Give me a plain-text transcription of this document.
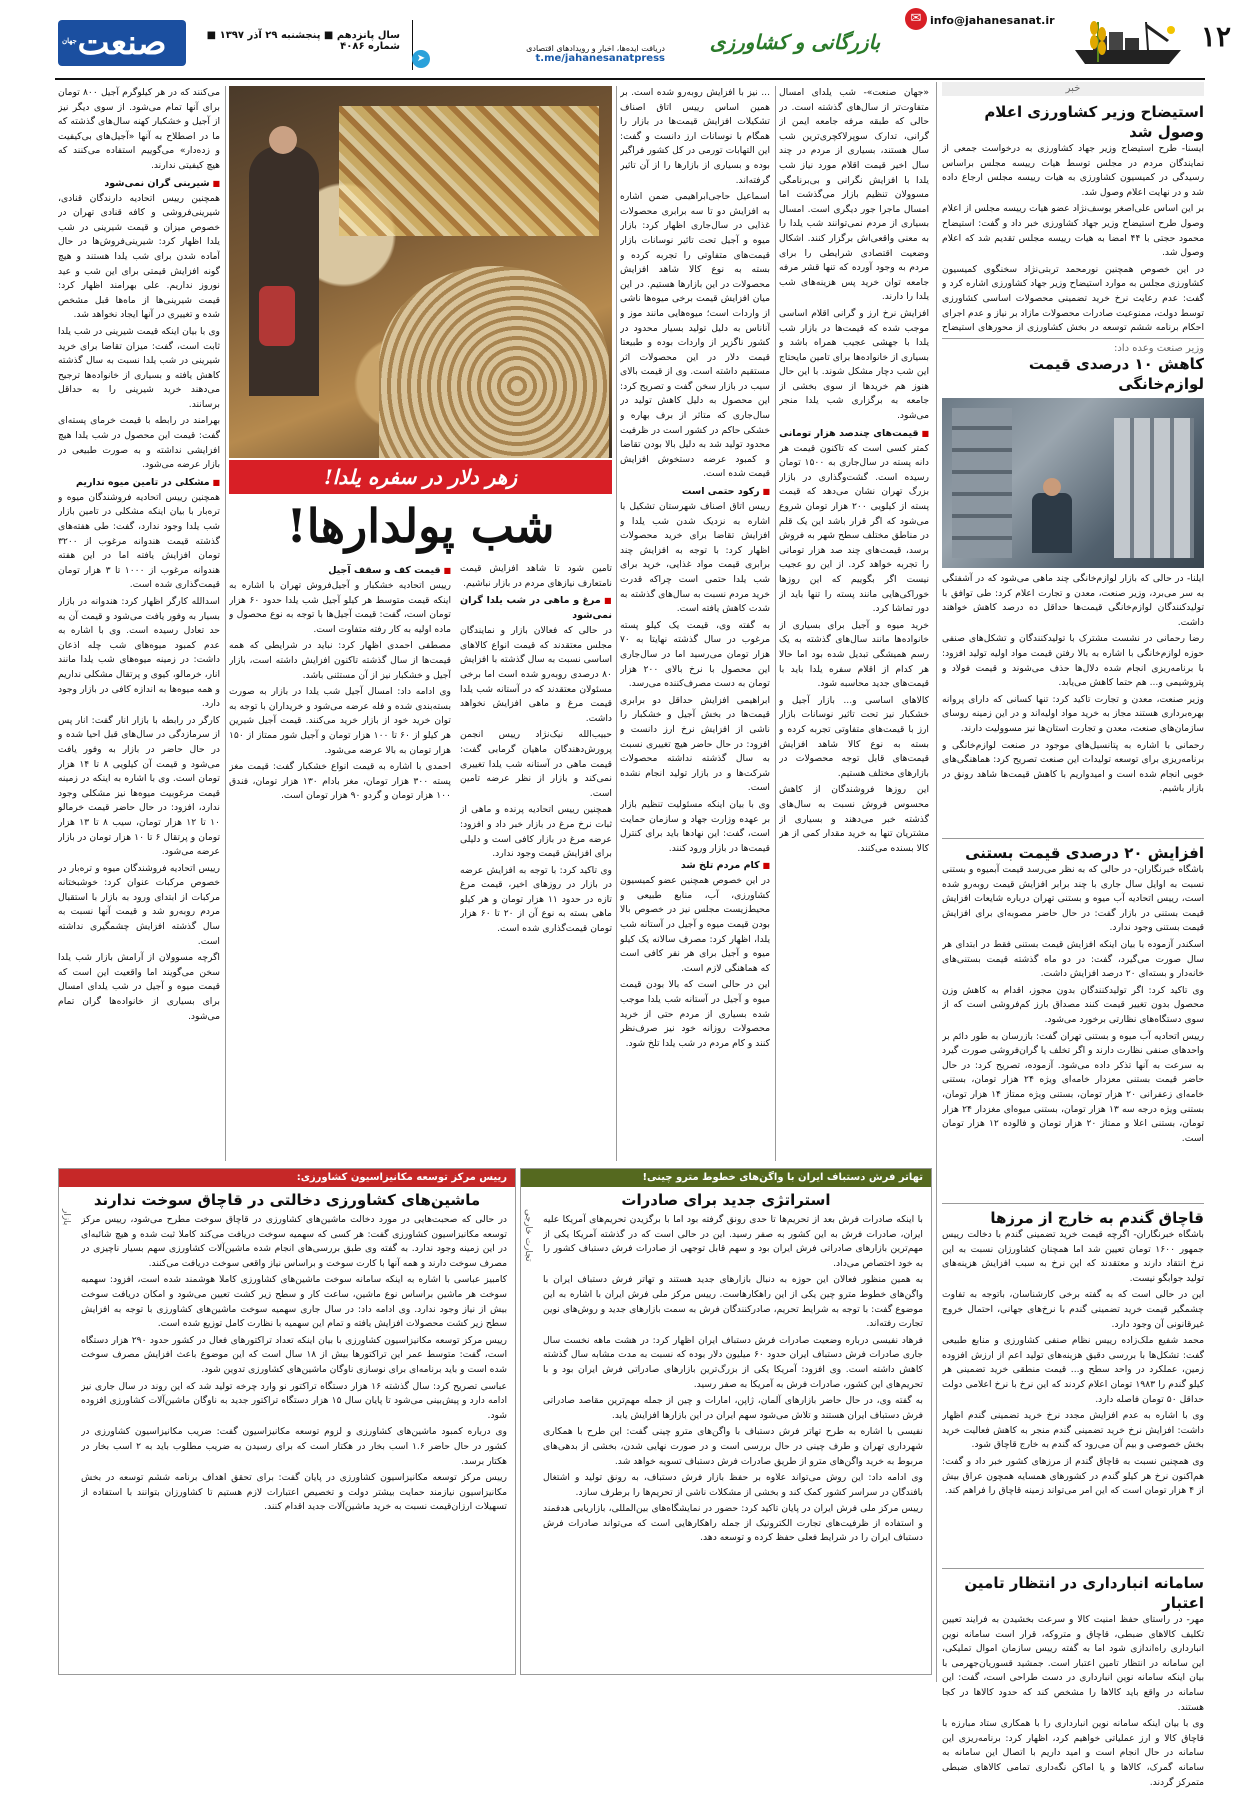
۱۲
info@jahanesanat.ir
✉
بازرگانی و کشاورزی
دریافت ایده‌ها، اخبار و رویدادهای اقتصادی
t.me/jahanesanatpress
➤
سال پانزدهم ■ پنجشنبه ۲۹ آذر ۱۳۹۷ ■ شماره ۴۰۸۶
صنعت
جهان
خبر
استیضاح وزیر کشاورزی اعلام وصول شد

ایسنا- طرح استیضاح وزیر جهاد کشاورزی به درخواست جمعی از نمایندگان مردم در مجلس توسط هیات رییسه مجلس براساس رسیدگی در کمیسیون کشاورزی به هیات رییسه مجلس ارجاع داده شد و در نهایت اعلام وصول شد.

بر این اساس علی‌اصغر یوسف‌نژاد عضو هیات رییسه مجلس از اعلام وصول طرح استیضاح وزیر جهاد کشاورزی خبر داد و گفت: استیضاح محمود حجتی با ۴۴ امضا به هیات رییسه مجلس تقدیم شد که اعلام وصول شد.

در این خصوص همچنین نورمحمد تربتی‌نژاد سخنگوی کمیسیون کشاورزی مجلس به موارد استیضاح وزیر جهاد کشاورزی اشاره کرد و گفت: عدم رعایت نرخ خرید تضمینی محصولات اساسی کشاورزی توسط دولت، ممنوعیت صادرات محصولات مازاد بر نیاز و عدم اجرای احکام برنامه ششم توسعه در بخش کشاورزی از محورهای استیضاح

وزیر صنعت وعده داد:
کاهش ۱۰ درصدی قیمت لوازم‌خانگی

ایلنا- در حالی که بازار لوازم‌خانگی چند ماهی می‌شود که در آشفتگی به سر می‌برد، وزیر صنعت، معدن و تجارت اعلام کرد: طی توافق با تولیدکنندگان لوازم‌خانگی قیمت‌ها حداقل ده درصد کاهش خواهند داشت.

رضا رحمانی در نشست مشترک با تولیدکنندگان و تشکل‌های صنفی حوزه لوازم‌خانگی با اشاره به بالا رفتن قیمت مواد اولیه تولید افزود: با برنامه‌ریزی انجام شده دلال‌ها حذف می‌شوند و قیمت فولاد و پتروشیمی و... هم حتما کاهش می‌یابد.

وزیر صنعت، معدن و تجارت تاکید کرد: تنها کسانی که دارای پروانه بهره‌برداری هستند مجاز به خرید مواد اولیه‌اند و در این زمینه روسای سازمان‌های صنعت، معدن و تجارت استان‌ها نیز مسوولیت دارند.

رحمانی با اشاره به پتانسیل‌های موجود در صنعت لوازم‌خانگی و برنامه‌ریزی برای توسعه تولیدات این صنعت تصریح کرد: هماهنگی‌های خوبی انجام شده است و امیدواریم با کاهش قیمت‌ها شاهد رونق در بازار باشیم.

افزایش ۲۰ درصدی قیمت بستنی

باشگاه خبرنگاران- در حالی که به نظر می‌رسد قیمت آبمیوه و بستنی نسبت به اوایل سال جاری با چند برابر افزایش قیمت روبه‌رو شده است، رییس اتحادیه آب میوه و بستنی تهران درباره شایعات افزایش قیمت بستنی در بازار گفت: در حال حاضر مصوبه‌ای برای افزایش قیمت بستنی وجود ندارد.

اسکندر آزموده با بیان اینکه افزایش قیمت بستنی فقط در ابتدای هر سال صورت می‌گیرد، گفت: در دو ماه گذشته قیمت بستنی‌های خانه‌دار و بسته‌ای ۲۰ درصد افزایش داشت.

وی تاکید کرد: اگر تولیدکنندگان بدون مجوز، اقدام به کاهش وزن محصول بدون تغییر قیمت کنند مصداق بارز کم‌فروشی است که از سوی دستگاه‌های نظارتی برخورد می‌شود.

رییس اتحادیه آب میوه و بستنی تهران گفت: بازرسان به طور دائم بر واحدهای صنفی نظارت دارند و اگر تخلف یا گران‌فروشی صورت گیرد به سرعت به آنها تذکر داده می‌شود. آزموده، تصریح کرد: در حال حاضر قیمت بستنی معزدار خامه‌ای ویژه ۲۴ هزار تومان، بستنی خامه‌ای زعفرانی ۲۰ هزار تومان، بستنی ویژه ممتاز ۱۴ هزار تومان، بستنی ویژه درجه سه ۱۳ هزار تومان، بستنی میوه‌ای مغزدار ۲۴ هزار تومان، بستنی اعلا و ممتاز ۲۰ هزار تومان و فالوده ۱۲ هزار تومان است.

قاچاق گندم به خارج از مرزها

باشگاه خبرنگاران- اگرچه قیمت خرید تضمینی گندم با دخالت رییس جمهور ۱۶۰۰ تومان تعیین شد اما همچنان کشاورزان نسبت به این نرخ انتقاد دارند و معتقدند که این نرخ به سبب افزایش هزینه‌های تولید جوابگو نیست.

این در حالی است که به گفته برخی کارشناسان، باتوجه به تفاوت چشمگیر قیمت خرید تضمینی گندم با نرخ‌های جهانی، احتمال خروج غیرقانونی آن وجود دارد.

محمد شفیع ملک‌زاده رییس نظام صنفی کشاورزی و منابع طبیعی گفت: تشکل‌ها با بررسی دقیق هزینه‌های تولید اعم از ارزش افزوده زمین، عملکرد در واحد سطح و... قیمت منطقی خرید تضمینی هر کیلو گندم را ۱۹۸۳ تومان اعلام کردند که این نرخ با نرخ اعلامی دولت حداقل ۵۰ تومان فاصله دارد.

وی با اشاره به عدم افزایش مجدد نرخ خرید تضمینی گندم اظهار داشت: افزایش نرخ خرید تضمینی گندم منجر به کاهش فعالیت خرید بخش خصوصی و بیم آن می‌رود که گندم به خارج قاچاق شود.

وی همچنین نسبت به قاچاق گندم از مرزهای کشور خبر داد و گفت: هم‌اکنون نرخ هر کیلو گندم در کشورهای همسایه همچون عراق بیش از ۴ هزار تومان است که این امر می‌تواند زمینه قاچاق را فراهم کند.

سامانه انبارداری در انتظار تامین اعتبار

مهر- در راستای حفظ امنیت کالا و سرعت بخشیدن به فرایند تعیین تکلیف کالاهای ضبطی، قاچاق و متروکه، قرار است سامانه نوین انبارداری راه‌اندازی شود اما به گفته رییس سازمان اموال تملیکی، این سامانه در انتظار تامین اعتبار است. جمشید قسوریان‌جهرمی با بیان اینکه سامانه نوین انبارداری در دست طراحی است، گفت: این سامانه در واقع باید کالاها را مشخص کند که حدود کالاها در کجا هستند.

وی با بیان اینکه سامانه نوین انبارداری را با همکاری ستاد مبارزه با قاچاق کالا و ارز عملیاتی خواهیم کرد، اظهار کرد: برنامه‌ریزی این سامانه در حال انجام است و امید داریم با اتصال این سامانه به سامانه گمرک، کالاها و یا اماکن نگه‌داری تمامی کالاهای ضبطی متمرکز گردند.

«جهان صنعت»- شب یلدای امسال متفاوت‌تر از سال‌های گذشته است. در حالی که طبقه مرفه جامعه ایمن از گرانی، تدارک سوپرلاکچری‌ترین شب سال هستند، بسیاری از مردم در چند سال اخیر قیمت اقلام مورد نیاز شب یلدا با افزایش نگرانی و بی‌برنامگی مسوولان تنظیم بازار می‌گذشت اما امسال ماجرا جور دیگری است. امسال بسیاری از مردم نمی‌توانند شب یلدا را به معنی واقعی‌اش برگزار کنند. اشکال وضعیت اقتصادی شرایطی را برای مردم به وجود آورده که تنها قشر مرفه جامعه توان خرید پس هزینه‌های شب یلدا را دارند.

افزایش نرخ ارز و گرانی اقلام اساسی موجب شده که قیمت‌ها در بازار شب یلدا با جهشی عجیب همراه باشد و بسیاری از خانواده‌ها برای تامین مایحتاج این شب دچار مشکل شوند. با این حال هنوز هم خریدها از سوی بخشی از جامعه به برگزاری شب یلدا منجر می‌شود.

■ قیمت‌های چندصد هزار تومانی

کمتر کسی است که تاکنون قیمت هر دانه پسته در سال‌جاری به ۱۵۰۰ تومان رسیده است. گشت‌وگذاری در بازار بزرگ تهران نشان می‌دهد که قیمت پسته از کیلویی ۲۰۰ هزار تومان شروع می‌شود که اگر قرار باشد این یک قلم در مناطق مختلف سطح شهر به فروش برسد، قیمت‌های چند صد هزار تومانی را تجربه خواهد کرد. از این رو عجیب نیست اگر بگوییم که این روزها خوراکی‌هایی مانند پسته را تنها باید از دور تماشا کرد.

خرید میوه و آجیل برای بسیاری از خانواده‌ها مانند سال‌های گذشته به یک رسم همیشگی تبدیل شده بود اما حالا هر کدام از اقلام سفره یلدا باید با قیمت‌های جدید محاسبه شود.

کالاهای اساسی و... بازار آجیل و خشکبار نیز تحت تاثیر نوسانات بازار ارز با قیمت‌های متفاوتی تجربه کرده و بسته به نوع کالا شاهد افزایش قیمت‌های قابل توجه محصولات در بازارهای مختلف هستیم.

این روزها فروشندگان از کاهش محسوس فروش نسبت به سال‌های گذشته خبر می‌دهند و بسیاری از مشتریان تنها به خرید مقدار کمی از هر کالا بسنده می‌کنند.

... نیز با افزایش روبه‌رو شده است. بر همین اساس رییس اتاق اصناف تشکیلات افزایش قیمت‌ها در بازار را همگام با نوسانات ارز دانست و گفت: این التهابات تورمی در کل کشور فراگیر بوده و بسیاری از بازارها را از آن تاثیر گرفته‌اند.

اسماعیل حاجی‌ابراهیمی ضمن اشاره به افزایش دو تا سه برابری محصولات غذایی در سال‌جاری اظهار کرد: بازار میوه و آجیل تحت تاثیر نوسانات بازار قیمت‌های متفاوتی را تجربه کرده و بسته به نوع کالا شاهد افزایش محصولات در این بازارها هستیم. در این میان افزایش قیمت برخی میوه‌ها ناشی از واردات است؛ میوه‌هایی مانند موز و آناناس به دلیل تولید بسیار محدود در کشور ناگزیر از واردات بوده و طبیعتا قیمت دلار در این محصولات اثر مستقیم داشته است. وی از قیمت بالای سیب در بازار سخن گفت و تصریح کرد: این محصول به دلیل کاهش تولید در سال‌جاری که متاثر از برف بهاره و خشکی حاکم در کشور است در ظرفیت محدود تولید شد به دلیل بالا بودن تقاضا و کمبود عرضه دستخوش افزایش قیمت شده است.

■ رکود حتمی است

رییس اتاق اصناف شهرستان تشکیل با اشاره به نزدیک شدن شب یلدا و افزایش تقاضا برای خرید محصولات اظهار کرد: با توجه به افزایش چند برابری قیمت مواد غذایی، خرید برای شب یلدا حتمی است چراکه قدرت خرید مردم نسبت به سال‌های گذشته به شدت کاهش یافته است.

به گفته وی، قیمت یک کیلو پسته مرغوب در سال گذشته نهایتا به ۷۰ هزار تومان می‌رسید اما در سال‌جاری این محصول با نرخ بالای ۲۰۰ هزار تومان به دست مصرف‌کننده می‌رسد.

ابراهیمی افزایش حداقل دو برابری قیمت‌ها در بخش آجیل و خشکبار را ناشی از افزایش نرخ ارز دانست و افزود: در حال حاضر هیچ تغییری نسبت به سال گذشته نداشته محصولات شرکت‌ها و در بازار تولید انجام نشده است.

وی با بیان اینکه مسئولیت تنظیم بازار بر عهده وزارت جهاد و سازمان حمایت است، گفت: این نهادها باید برای کنترل قیمت‌ها در بازار ورود کنند.

■ کام مردم تلخ شد

در این خصوص همچنین عضو کمیسیون کشاورزی، آب، منابع طبیعی و محیط‌زیست مجلس نیز در خصوص بالا بودن قیمت میوه و آجیل در آستانه شب یلدا، اظهار کرد: مصرف سالانه یک کیلو میوه و آجیل برای هر نفر کافی است که هماهنگی لازم است.

این در حالی است که بالا بودن قیمت میوه و آجیل در آستانه شب یلدا موجب شده بسیاری از مردم حتی از خرید محصولات روزانه خود نیز صرف‌نظر کنند و کام مردم در شب یلدا تلخ شود.

زهر دلار در سفره یلدا!
شب پولدارها!

تامین شود تا شاهد افزایش قیمت نامتعارف نیازهای مردم در بازار نباشیم.

■ مرغ و ماهی در شب یلدا گران نمی‌شود

در حالی که فعالان بازار و نمایندگان مجلس معتقدند که قیمت انواع کالاهای اساسی نسبت به سال گذشته با افزایش ۸۰ درصدی روبه‌رو شده است اما برخی مسئولان معتقدند که در آستانه شب یلدا قیمت مرغ و ماهی افزایش نخواهد داشت.

حبیب‌الله نیک‌نژاد رییس انجمن پرورش‌دهندگان ماهیان گرمابی گفت: قیمت ماهی در آستانه شب یلدا تغییری نمی‌کند و بازار از نظر عرضه تامین است.

همچنین رییس اتحادیه پرنده و ماهی از ثبات نرخ مرغ در بازار خبر داد و افزود: عرضه مرغ در بازار کافی است و دلیلی برای افزایش قیمت وجود ندارد.

وی تاکید کرد: با توجه به افزایش عرضه در بازار در روزهای اخیر، قیمت مرغ تازه در حدود ۱۱ هزار تومان و هر کیلو ماهی بسته به نوع آن از ۲۰ تا ۶۰ هزار تومان قیمت‌گذاری شده است.

■ قیمت کف و سقف آجیل

رییس اتحادیه خشکبار و آجیل‌فروش تهران با اشاره به اینکه قیمت متوسط هر کیلو آجیل شب یلدا حدود ۶۰ هزار تومان است، گفت: قیمت آجیل‌ها با توجه به نوع محصول و ماده اولیه به کار رفته متفاوت است.

مصطفی احمدی اظهار کرد: نباید در شرایطی که همه قیمت‌ها از سال گذشته تاکنون افزایش داشته است، بازار آجیل و خشکبار نیز از آن مستثنی باشد.

وی ادامه داد: امسال آجیل شب یلدا در بازار به صورت بسته‌بندی شده و فله عرضه می‌شود و خریداران با توجه به توان خرید خود از بازار خرید می‌کنند. قیمت آجیل شیرین هر کیلو از ۶۰ تا ۱۰۰ هزار تومان و آجیل شور ممتاز از ۱۵۰ هزار تومان به بالا عرضه می‌شود.

احمدی با اشاره به قیمت انواع خشکبار گفت: قیمت مغز پسته ۳۰۰ هزار تومان، مغز بادام ۱۳۰ هزار تومان، فندق ۱۰۰ هزار تومان و گردو ۹۰ هزار تومان است.

می‌کنند که در هر کیلوگرم آجیل ۸۰۰ تومان برای آنها تمام می‌شود. از سوی دیگر نیز از آجیل و خشکبار کهنه سال‌های گذشته که ما در اصطلاح به آنها «آجیل‌های بی‌کیفیت و زده‌دار» می‌گوییم استفاده می‌کنند که هیچ کیفیتی ندارند.

■ شیرینی گران نمی‌شود

همچنین رییس اتحادیه دارندگان قنادی، شیرینی‌فروشی و کافه قنادی تهران در خصوص میزان و قیمت شیرینی در شب یلدا اظهار کرد: شیرینی‌فروش‌ها در حال آماده شدن برای شب یلدا هستند و هیچ گونه افزایش قیمتی برای این شب و عید نوروز نداریم. علی بهرامند اظهار کرد: قیمت شیرینی‌ها از ماه‌ها قبل مشخص شده و تغییری در آنها ایجاد نخواهد شد.

وی با بیان اینکه قیمت شیرینی در شب یلدا ثابت است، گفت: میزان تقاضا برای خرید شیرینی در شب یلدا نسبت به سال گذشته کاهش یافته و بسیاری از خانواده‌ها ترجیح می‌دهند خرید شیرینی را به حداقل برسانند.

بهرامند در رابطه با قیمت خرمای پسته‌ای گفت: قیمت این محصول در شب یلدا هیچ افزایشی نداشته و به صورت طبیعی در بازار عرضه می‌شود.

■ مشکلی در تامین میوه نداریم

همچنین رییس اتحادیه فروشندگان میوه و تره‌بار با بیان اینکه مشکلی در تامین بازار شب یلدا وجود ندارد، گفت: طی هفته‌های گذشته قیمت هندوانه مرغوب از ۳۲۰۰ تومان افزایش یافته اما در این هفته هندوانه مرغوب از ۱۰۰۰ تا ۳ هزار تومان قیمت‌گذاری شده است.

اسدالله کارگر اظهار کرد: هندوانه در بازار بسیار به وفور یافت می‌شود و قیمت آن به حد تعادل رسیده است. وی با اشاره به عدم کمبود میوه‌های شب چله اذعان داشت: در زمینه میوه‌های شب یلدا مانند انار، خرمالو، کیوی و پرتقال مشکلی نداریم و همه میوه‌ها به اندازه کافی در بازار وجود دارد.

کارگر در رابطه با بازار انار گفت: انار پس از سرمازدگی در سال‌های قبل احیا شده و در حال حاضر در بازار به وفور یافت می‌شود و قیمت آن کیلویی ۸ تا ۱۴ هزار تومان است. وی با اشاره به اینکه در زمینه قیمت مرغوبیت میوه‌ها نیز مشکلی وجود ندارد، افزود: در حال حاضر قیمت خرمالو ۱۰ تا ۱۲ هزار تومان، سیب ۸ تا ۱۳ هزار تومان و پرتقال ۶ تا ۱۰ هزار تومان در بازار عرضه می‌شود.

رییس اتحادیه فروشندگان میوه و تره‌بار در خصوص مرکبات عنوان کرد: خوشبختانه مرکبات از ابتدای ورود به بازار با استقبال مردم روبه‌رو شد و قیمت آنها نسبت به سال گذشته افزایش چشمگیری نداشته است.

اگرچه مسوولان از آرامش بازار شب یلدا سخن می‌گویند اما واقعیت این است که قیمت میوه و آجیل در شب یلدای امسال برای بسیاری از خانواده‌ها گران تمام می‌شود.

تهاتر فرش دستباف ایران با واگن‌های خطوط مترو چینی!
استراتژی جدید برای صادرات
تجارت خارجی با اینکه صادرات فرش بعد از تحریم‌ها تا حدی رونق گرفته بود اما با برگزیدن تحریم‌های آمریکا علیه ایران، صادرات فرش به این کشور به صفر رسید. این در حالی است که در گذشته آمریکا یکی از مهم‌ترین بازارهای صادراتی فرش ایران بود و سهم قابل توجهی از صادرات فرش دستباف کشور را به خود اختصاص می‌داد.

به همین منظور فعالان این حوزه به دنبال بازارهای جدید هستند و تهاتر فرش دستباف ایران با واگن‌های خطوط مترو چین یکی از این راهکارهاست. رییس مرکز ملی فرش ایران با اشاره به این موضوع گفت: با توجه به شرایط تحریم، صادرکنندگان فرش به سمت بازارهای جدید و روش‌های نوین تجارت رفته‌اند.

فرهاد نفیسی درباره وضعیت صادرات فرش دستباف ایران اظهار کرد: در هشت ماهه نخست سال جاری صادرات فرش دستباف ایران حدود ۶۰ میلیون دلار بوده که نسبت به مدت مشابه سال گذشته کاهش داشته است. وی افزود: آمریکا یکی از بزرگ‌ترین بازارهای صادراتی فرش ایران بود و با تحریم‌های این کشور، صادرات فرش به آمریکا به صفر رسید.

به گفته وی، در حال حاضر بازارهای آلمان، ژاپن، امارات و چین از جمله مهم‌ترین مقاصد صادراتی فرش دستباف ایران هستند و تلاش می‌شود سهم ایران در این بازارها افزایش یابد.

نفیسی با اشاره به طرح تهاتر فرش دستباف با واگن‌های مترو چینی گفت: این طرح با همکاری شهرداری تهران و طرف چینی در حال بررسی است و در صورت نهایی شدن، بخشی از بدهی‌های مربوط به خرید واگن‌های مترو از طریق صادرات فرش دستباف تسویه خواهد شد.

وی ادامه داد: این روش می‌تواند علاوه بر حفظ بازار فرش دستباف، به رونق تولید و اشتغال بافندگان در سراسر کشور کمک کند و بخشی از مشکلات ناشی از تحریم‌ها را برطرف سازد.

رییس مرکز ملی فرش ایران در پایان تاکید کرد: حضور در نمایشگاه‌های بین‌المللی، بازاریابی هدفمند و استفاده از ظرفیت‌های تجارت الکترونیک از جمله راهکارهایی است که می‌تواند صادرات فرش دستباف ایران را در شرایط فعلی حفظ کرده و توسعه دهد.

رییس مرکز توسعه مکانیزاسیون کشاورزی:
ماشین‌های کشاورزی دخالتی در قاچاق سوخت ندارند
بازار در حالی که صحبت‌هایی در مورد دخالت ماشین‌های کشاورزی در قاچاق سوخت مطرح می‌شود، رییس مرکز توسعه مکانیزاسیون کشاورزی گفت: هر کسی که سهمیه سوخت دریافت می‌کند کاملا ثبت شده و هیچ شائبه‌ای در این زمینه وجود ندارد. به گفته وی طبق بررسی‌های انجام شده ماشین‌آلات کشاورزی سهم بسیار ناچیزی در مصرف سوخت دارند و همه آنها با کارت سوخت و براساس نیاز واقعی سوخت دریافت می‌کنند.

کامبیز عباسی با اشاره به اینکه سامانه سوخت ماشین‌های کشاورزی کاملا هوشمند شده است، افزود: سهمیه سوخت هر ماشین براساس نوع ماشین، ساعت کار و سطح زیر کشت تعیین می‌شود و امکان دریافت سوخت بیش از نیاز وجود ندارد. وی ادامه داد: در سال جاری سهمیه سوخت ماشین‌های کشاورزی با توجه به افزایش سطح زیر کشت محصولات افزایش یافته و تمام این سهمیه با نظارت کامل توزیع شده است.

رییس مرکز توسعه مکانیزاسیون کشاورزی با بیان اینکه تعداد تراکتورهای فعال در کشور حدود ۲۹۰ هزار دستگاه است، گفت: متوسط عمر این تراکتورها بیش از ۱۸ سال است که این موضوع باعث افزایش مصرف سوخت شده است و باید برنامه‌ای برای نوسازی ناوگان ماشین‌های کشاورزی تدوین شود.

عباسی تصریح کرد: سال گذشته ۱۶ هزار دستگاه تراکتور نو وارد چرخه تولید شد که این روند در سال جاری نیز ادامه دارد و پیش‌بینی می‌شود تا پایان سال ۱۵ هزار دستگاه تراکتور جدید به ناوگان ماشین‌آلات کشاورزی افزوده شود.

وی درباره کمبود ماشین‌های کشاورزی و لزوم توسعه مکانیزاسیون گفت: ضریب مکانیزاسیون کشاورزی در کشور در حال حاضر ۱.۶ اسب بخار در هکتار است که برای رسیدن به ضریب مطلوب باید به ۲ اسب بخار در هکتار برسد.

رییس مرکز توسعه مکانیزاسیون کشاورزی در پایان گفت: برای تحقق اهداف برنامه ششم توسعه در بخش مکانیزاسیون نیازمند حمایت بیشتر دولت و تخصیص اعتبارات لازم هستیم تا کشاورزان بتوانند با استفاده از تسهیلات ارزان‌قیمت نسبت به خرید ماشین‌آلات جدید اقدام کنند.
